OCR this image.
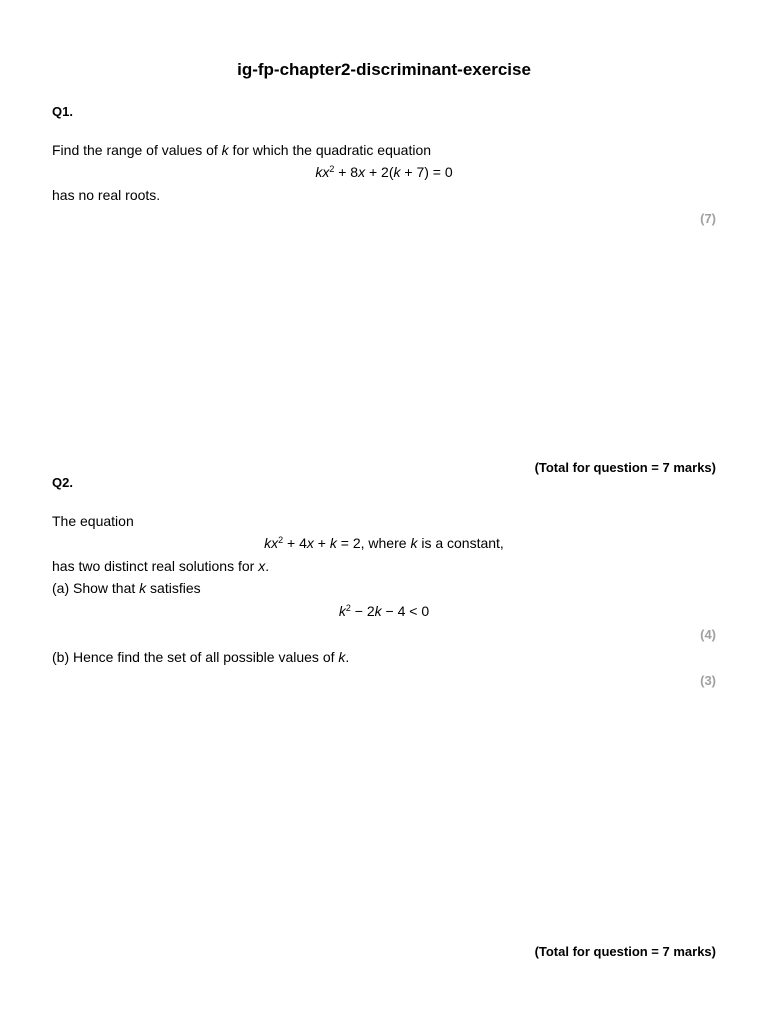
ig-fp-chapter2-discriminant-exercise
Q1.
Find the range of values of k for which the quadratic equation
$kx^2 + 8x + 2(k + 7) = 0$
has no real roots.
(7)
(Total for question = 7 marks)
Q2.
The equation
$kx^2 + 4x + k = 2$, where k is a constant,
has two distinct real solutions for x.
(a) Show that k satisfies
$k^2 - 2k - 4 < 0$
(4)
(b) Hence find the set of all possible values of k.
(3)
(Total for question = 7 marks)
